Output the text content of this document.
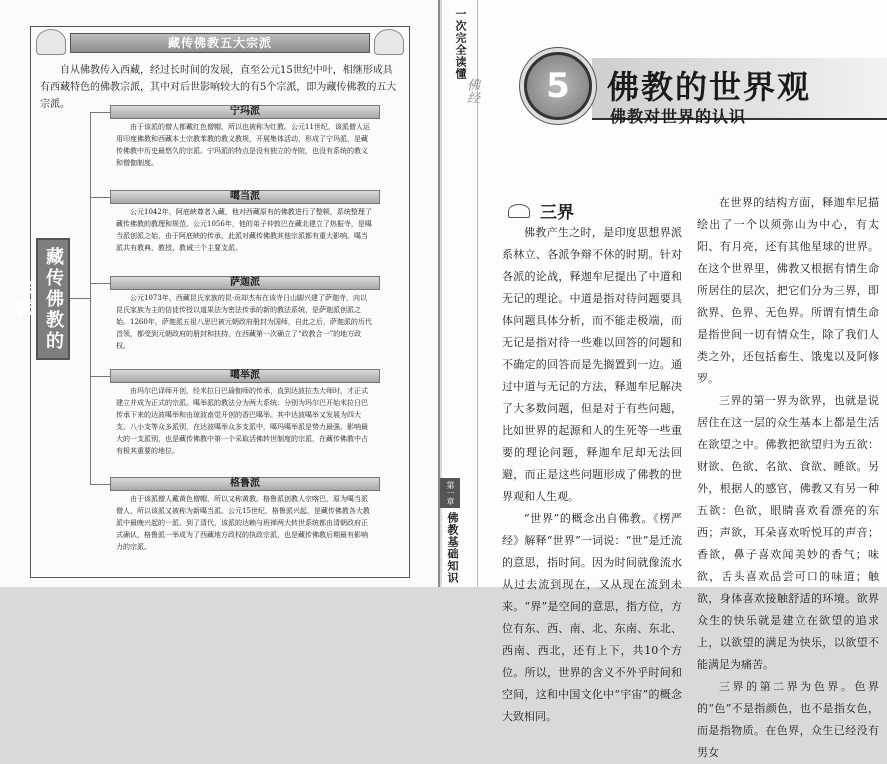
藏传佛教五大宗派

自从佛教传入西藏，经过长时间的发展，直至公元15世纪中叶，相继形成具有西藏特色的佛教宗派，其中对后世影响较大的有5个宗派，即为藏传佛教的五大宗派。

藏传佛教的宗派
宁玛派

由于该派的僧人都戴红色僧帽，所以也被称为红教。公元11世纪，该派僧人运用印度佛教和西藏本土宗教苯教的教义教规，开展集体活动，形成了宁玛派，是藏传佛教中历史最悠久的宗派。宁玛派的特点是没有独立的寺院，也没有系统的教义和僧伽制度。

噶当派

公元1042年，阿底峡尊者入藏，他对西藏原有的佛教进行了整顿，系统整理了藏传佛教的教理和规范。公元1056年，他的弟子仲敦巴在藏北建立了热振寺，是噶当派创派之始，由于阿底峡的传承，此派对藏传佛教其他宗派都有重大影响。噶当派共有教典、教授、教诫三个主要支派。

萨迦派

公元1073年，西藏昆氏家族的昆·贡却杰布在该寺日山脚兴建了萨迦寺，向以昆氏家族为主的信徒传授以道果法为密法传承的新的教法系统，是萨迦派创派之始。1260年，萨迦派五祖八思巴被元朝政府册封为国师，自此之后，萨迦派的历代首领，都受到元朝政府的册封和扶持，在西藏第一次确立了“政教合一”的地方政权。

噶举派

由玛尔巴译师开创，经米拉日巴瑜伽师的传承，直到达波拉杰大师时，才正式建立并成为正式的宗派。噶举派的教法分为两大系统：分别为玛尔巴开始米拉日巴传承下来的达波噶举和由琼波南觉开创的香巴噶举。其中达波噶举又发展为四大支、八小支等众多派别，在达波噶举众多支派中，噶玛噶举派是势力最强、影响最大的一支派别，也是藏传佛教中第一个采取活佛转世制度的宗派，在藏传佛教中占有极其重要的地位。

格鲁派

由于该派僧人戴黄色僧帽，所以又称黄教。格鲁派创教人宗喀巴，原为噶当派僧人，所以该派又被称为新噶当派。公元15世纪，格鲁派兴起，是藏传佛教各大教派中最晚兴起的一派。到了清代，该派的达赖与班禅两大转世系统都由清朝政府正式确认，格鲁派一举成为了西藏地方政权的执政宗派，也是藏传佛教后期最有影响力的宗派。

一次完全读懂
佛经
第一章
佛教基础知识
5 佛教的世界观
佛教对世界的认识
三界

佛教产生之时，是印度思想界派系林立、各派争辩不休的时期。针对各派的论战，释迦牟尼提出了中道和无记的理论。中道是指对待问题要具体问题具体分析，而不能走极端，而无记是指对待一些难以回答的问题和不确定的回答而是先搁置到一边。通过中道与无记的方法，释迦牟尼解决了大多数问题，但是对于有些问题，比如世界的起源和人的生死等一些重要的理论问题，释迦牟尼却无法回避，而正是这些问题形成了佛教的世界观和人生观。

“世界”的概念出自佛教。《楞严经》解释“世界”一词说：“世”是迁流的意思，指时间。因为时间就像流水从过去流到现在，又从现在流到未来。“界”是空间的意思，指方位，方位有东、西、南、北、东南、东北、西南、西北，还有上下，共10个方位。所以，世界的含义不外乎时间和空间，这和中国文化中“宇宙”的概念大致相同。

在世界的结构方面，释迦牟尼描绘出了一个以须弥山为中心，有太阳、有月亮，还有其他星球的世界。在这个世界里，佛教又根据有情生命所居住的层次，把它们分为三界，即欲界、色界、无色界。所谓有情生命是指世间一切有情众生，除了我们人类之外，还包括畜生、饿鬼以及阿修罗。

三界的第一界为欲界，也就是说居住在这一层的众生基本上都是生活在欲望之中。佛教把欲望归为五欲：财欲、色欲、名欲、食欲、睡欲。另外，根据人的感官，佛教又有另一种五欲：色欲，眼睛喜欢看漂亮的东西；声欲，耳朵喜欢听悦耳的声音；香欲，鼻子喜欢闻美妙的香气；味欲，舌头喜欢品尝可口的味道；触欲，身体喜欢接触舒适的环境。欲界众生的快乐就是建立在欲望的追求上，以欲望的满足为快乐，以欲望不能满足为痛苦。

三界的第二界为色界。色界的“色”不是指颜色，也不是指女色，而是指物质。在色界，众生已经没有男女
